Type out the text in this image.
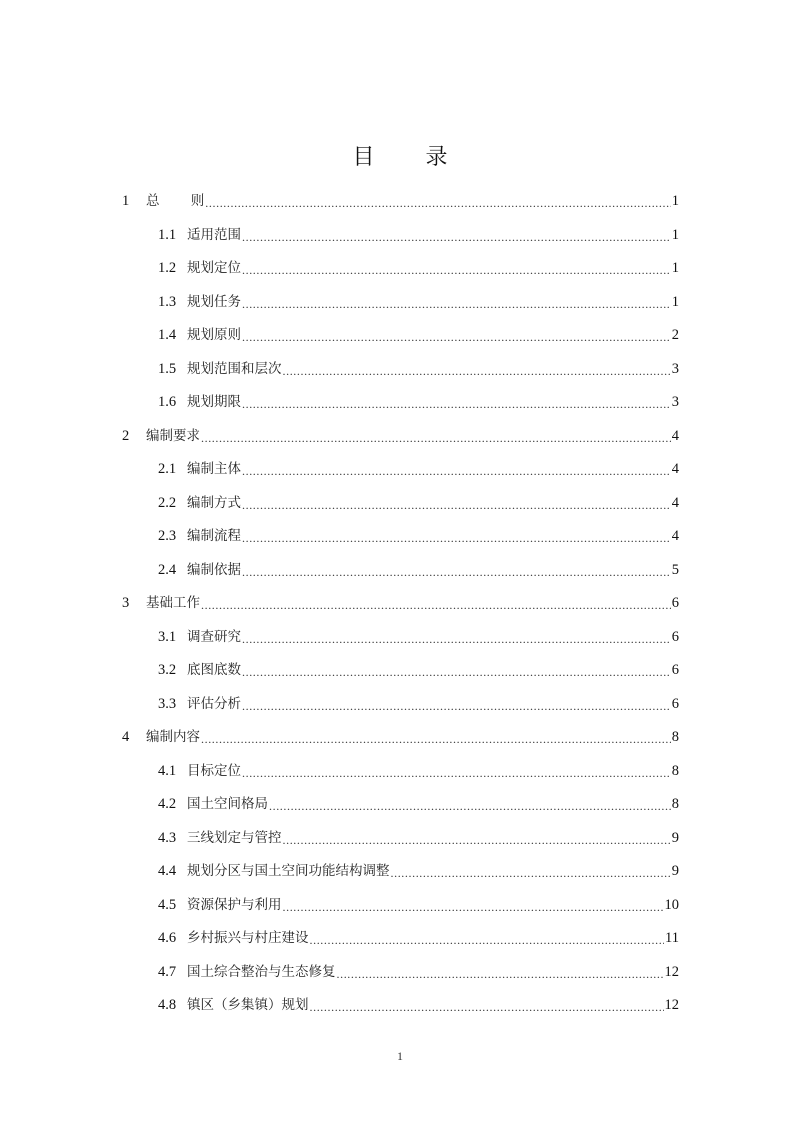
目 录
1	总　　 则 .....	1
1.1 适用范围 .....	1
1.2 规划定位 .....	1
1.3 规划任务 .....	1
1.4 规划原则 .....	2
1.5 规划范围和层次 .....	3
1.6 规划期限 .....	3
2	编制要求 .....	4
2.1 编制主体 .....	4
2.2 编制方式 .....	4
2.3 编制流程 .....	4
2.4 编制依据 .....	5
3	基础工作 .....	6
3.1 调查研究 .....	6
3.2 底图底数 .....	6
3.3 评估分析 .....	6
4	编制内容 .....	8
4.1 目标定位 .....	8
4.2 国土空间格局 .....	8
4.3 三线划定与管控 .....	9
4.4 规划分区与国土空间功能结构调整 .....	9
4.5 资源保护与利用 .....	10
4.6 乡村振兴与村庄建设 .....	11
4.7 国土综合整治与生态修复 .....	12
4.8 镇区（乡集镇）规划 .....	12
1
